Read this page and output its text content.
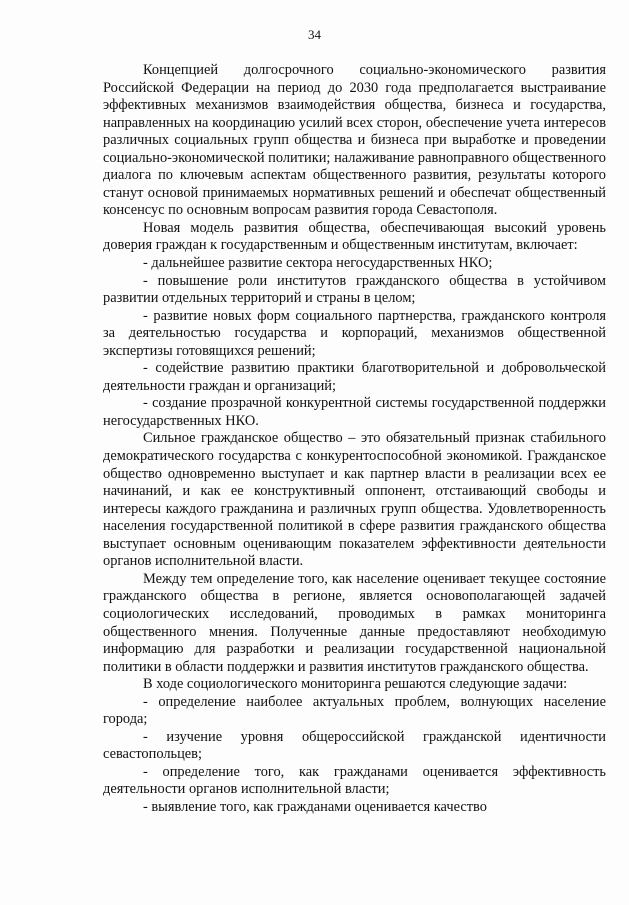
34

Концепцией долгосрочного социально-экономического развития Российской Федерации на период до 2030 года предполагается выстраивание эффективных механизмов взаимодействия общества, бизнеса и государства, направленных на координацию усилий всех сторон, обеспечение учета интересов различных социальных групп общества и бизнеса при выработке и проведении социально-экономической политики; налаживание равноправного общественного диалога по ключевым аспектам общественного развития, результаты которого станут основой принимаемых нормативных решений и обеспечат общественный консенсус по основным вопросам развития города Севастополя.

Новая модель развития общества, обеспечивающая высокий уровень доверия граждан к государственным и общественным институтам, включает:

- дальнейшее развитие сектора негосударственных НКО;

- повышение роли институтов гражданского общества в устойчивом развитии отдельных территорий и страны в целом;

- развитие новых форм социального партнерства, гражданского контроля за деятельностью государства и корпораций, механизмов общественной экспертизы готовящихся решений;

- содействие развитию практики благотворительной и добровольческой деятельности граждан и организаций;

- создание прозрачной конкурентной системы государственной поддержки негосударственных НКО.

Сильное гражданское общество – это обязательный признак стабильного демократического государства с конкурентоспособной экономикой. Гражданское общество одновременно выступает и как партнер власти в реализации всех ее начинаний, и как ее конструктивный оппонент, отстаивающий свободы и интересы каждого гражданина и различных групп общества. Удовлетворенность населения государственной политикой в сфере развития гражданского общества выступает основным оценивающим показателем эффективности деятельности органов исполнительной власти.

Между тем определение того, как население оценивает текущее состояние гражданского общества в регионе, является основополагающей задачей социологических исследований, проводимых в рамках мониторинга общественного мнения. Полученные данные предоставляют необходимую информацию для разработки и реализации государственной национальной политики в области поддержки и развития институтов гражданского общества.

В ходе социологического мониторинга решаются следующие задачи:

- определение наиболее актуальных проблем, волнующих население города;

- изучение уровня общероссийской гражданской идентичности севастопольцев;

- определение того, как гражданами оценивается эффективность деятельности органов исполнительной власти;

- выявление того, как гражданами оценивается качество
